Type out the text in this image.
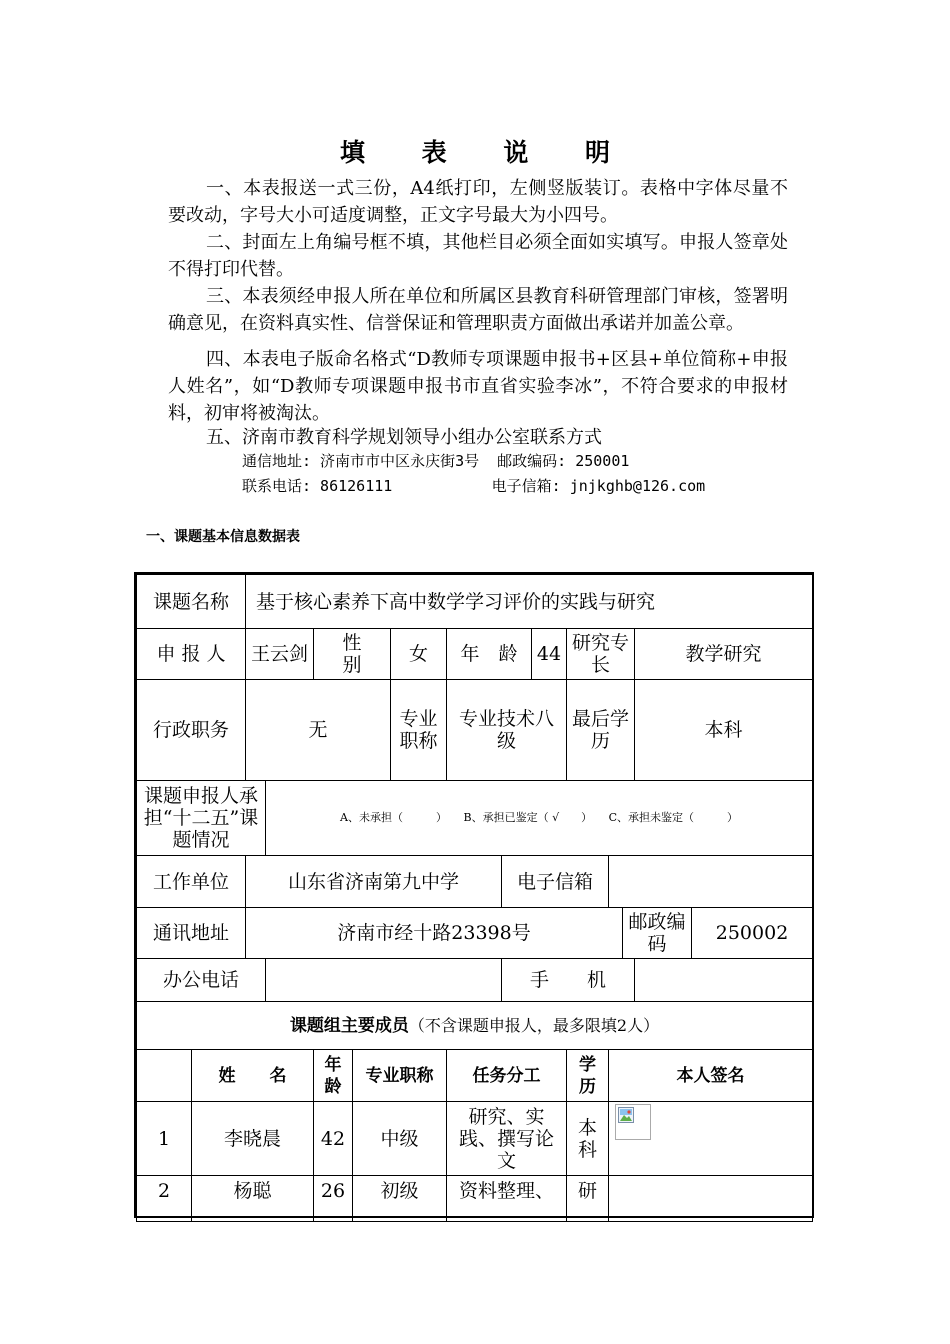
填 表 说 明
一、本表报送一式三份，A4纸打印，左侧竖版装订。表格中字体尽量不要改动，字号大小可适度调整，正文字号最大为小四号。
二、封面左上角编号框不填，其他栏目必须全面如实填写。申报人签章处不得打印代替。
三、本表须经申报人所在单位和所属区县教育科研管理部门审核，签署明确意见，在资料真实性、信誉保证和管理职责方面做出承诺并加盖公章。
四、本表电子版命名格式“D教师专项课题申报书+区县+单位简称+申报人姓名”，如“D教师专项课题申报书市直省实验李冰”，不符合要求的申报材料，初审将被淘汰。
五、济南市教育科学规划领导小组办公室联系方式
通信地址: 济南市市中区永庆街3号  邮政编码: 250001
联系电话: 86126111           电子信箱: jnjkghb@126.com
一、课题基本信息数据表
课题名称		基于核心素养下高中数学学习评价的实践与研究												
申 报 人		王云剑		性　　别		女	年　龄		44	研究专长			教学研究	
行政职务		无				专业职称	专业技术八级			最后学历			本科	
课题申报人承担“十二五”课题情况			A、未承担（　　　）　　B、承担已鉴定（ √　　）　　C、承担未鉴定（　　　）											
工作单位		山东省济南第九中学						电子信箱						
通讯地址		济南市经十路23398号										邮政编码		250002
办公电话								手　　机						
课题组主要成员（不含课题申报人，最多限填2人）														
	姓　　名			年龄	专业职称		任务分工			学历	本人签名			
1	李晓晨			42	中级		研究、实践、撰写论文			本科	

2	杨聪			26	初级		资料整理、			研				
